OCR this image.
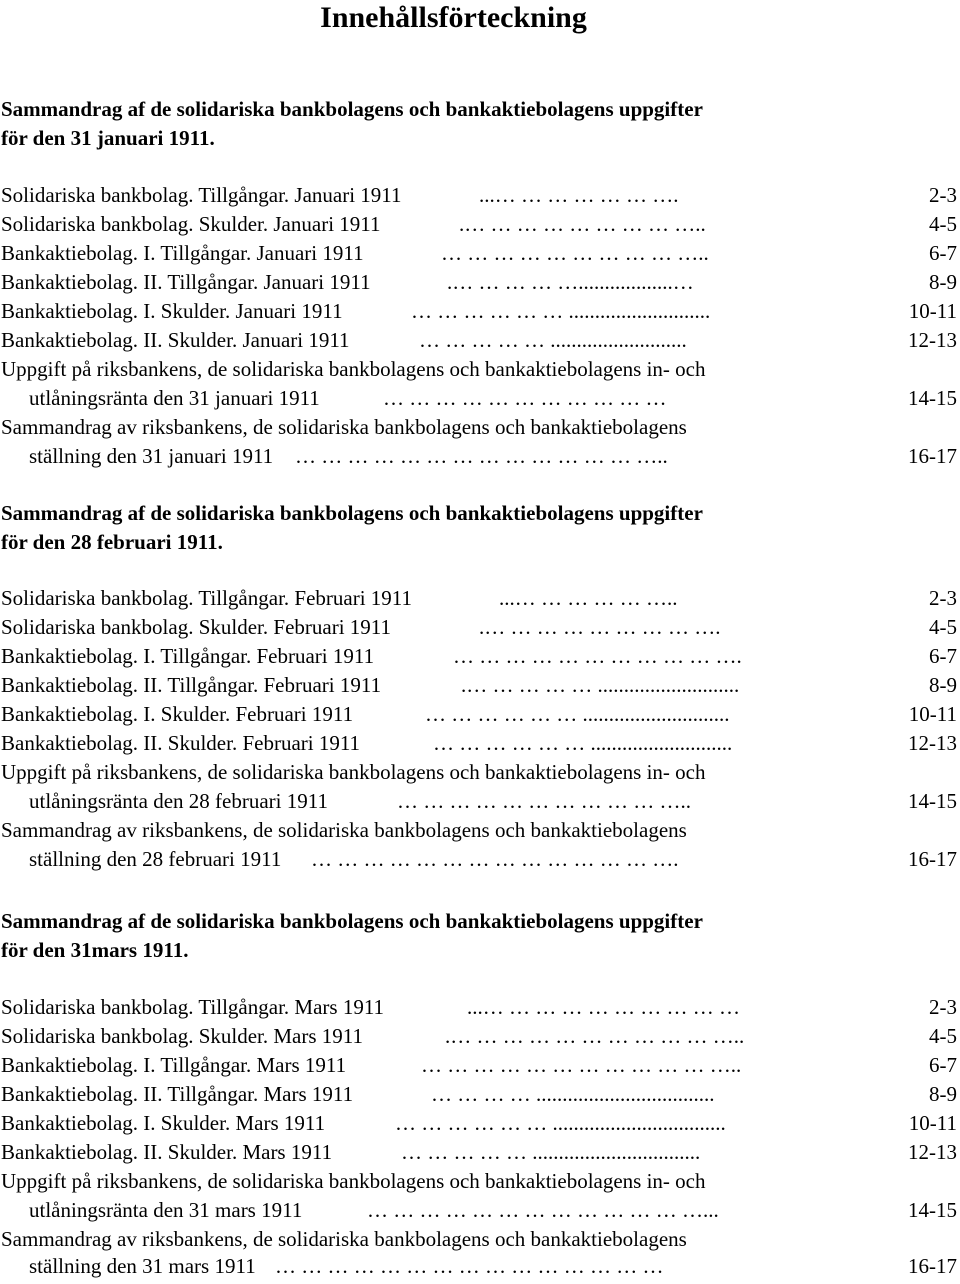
Innehållsförteckning
Sammandrag af de solidariska bankbolagens och bankaktiebolagens uppgifter
för den 31 januari 1911.
Solidariska bankbolag. Tillgångar. Januari 1911	...… … … … … … ….	2-3
Solidariska bankbolag. Skulder. Januari 1911	.… … … … … … … … …..	4-5
Bankaktiebolag. I. Tillgångar. Januari 1911	… … … … … … … … … …..	6-7
Bankaktiebolag. II. Tillgångar. Januari 1911	.… … … … …..................…	8-9
Bankaktiebolag. I. Skulder. Januari 1911	… … … … … … ...........................	10-11
Bankaktiebolag. II. Skulder. Januari 1911	… … … … … ..........................	12-13
Uppgift på riksbankens, de solidariska bankbolagens och bankaktiebolagens in- och
utlåningsränta den 31 januari 1911	… … … … … … … … … … …	14-15
Sammandrag av riksbankens, de solidariska bankbolagens och bankaktiebolagens
ställning den 31 januari 1911 … … … … … … … … … … … … … …..	16-17
Sammandrag af de solidariska bankbolagens och bankaktiebolagens uppgifter
för den 28 februari 1911.
Solidariska bankbolag. Tillgångar. Februari 1911	...… … … … … …..	2-3
Solidariska bankbolag. Skulder. Februari 1911	.… … … … … … … … ….	4-5
Bankaktiebolag. I. Tillgångar. Februari 1911	… … … … … … … … … … ….	6-7
Bankaktiebolag. II. Tillgångar. Februari 1911	.… … … … … ...........................	8-9
Bankaktiebolag. I. Skulder. Februari 1911	… … … … … … ............................	10-11
Bankaktiebolag. II. Skulder. Februari 1911	… … … … … … ...........................	12-13
Uppgift på riksbankens, de solidariska bankbolagens och bankaktiebolagens in- och
utlåningsränta den 28 februari 1911	… … … … … … … … … … …..	14-15
Sammandrag av riksbankens, de solidariska bankbolagens och bankaktiebolagens
ställning den 28 februari 1911 … … … … … … … … … … … … … ….	16-17
Sammandrag af de solidariska bankbolagens och bankaktiebolagens uppgifter
för den 31mars 1911.
Solidariska bankbolag. Tillgångar. Mars 1911	...… … … … … … … … … …	2-3
Solidariska bankbolag. Skulder. Mars 1911	.… … … … … … … … … … …..	4-5
Bankaktiebolag. I. Tillgångar. Mars 1911	… … … … … … … … … … … …..	6-7
Bankaktiebolag. II. Tillgångar. Mars 1911	… … … … ..................................	8-9
Bankaktiebolag. I. Skulder. Mars 1911	… … … … … … .................................	10-11
Bankaktiebolag. II. Skulder. Mars 1911	… … … … … ................................	12-13
Uppgift på riksbankens, de solidariska bankbolagens och bankaktiebolagens in- och
utlåningsränta den 31 mars 1911	… … … … … … … … … … … … …...	14-15
Sammandrag av riksbankens, de solidariska bankbolagens och bankaktiebolagens
ställning den 31 mars 1911 … … … … … … … … … … … … … … …	16-17
